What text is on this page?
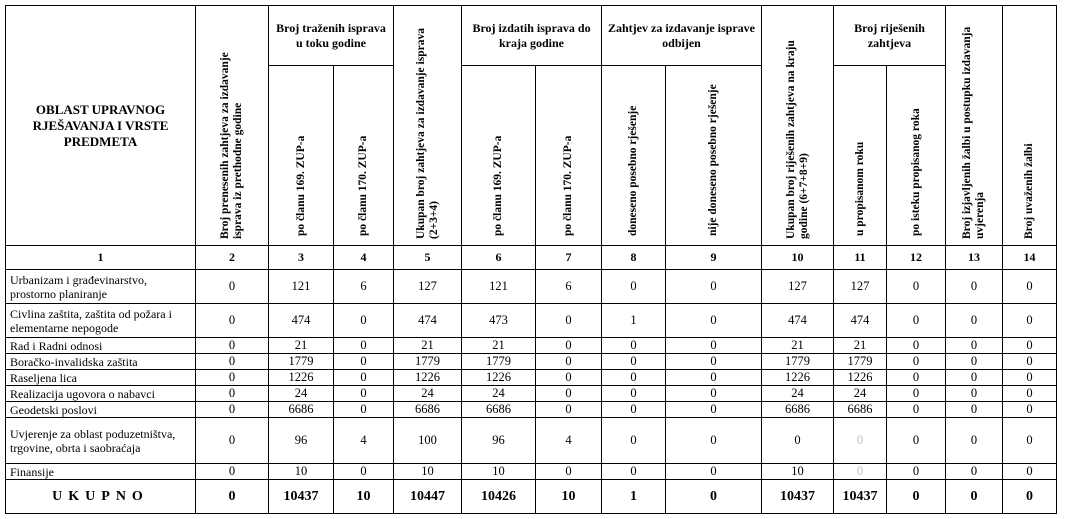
OBLAST UPRAVNOG RJEŠAVANJA I VRSTE PREDMETA	Broj prenesenih zahtjeva za izdavanje isprava iz prethodne godine	Broj traženih isprava u toku godine		Ukupan broj zahtjeva za izdavanje isprava (2+3+4)	Broj izdatih isprava do kraja godine		Zahtjev za izdavanje isprave odbijen		Ukupan broj riješenih zahtjeva na kraju godine (6+7+8+9)	Broj riješenih zahtjeva		Broj izjavljenih žalbi u postupku izdavanja uvjerenja	Broj uvaženih žalbi

		po članu 169. ZUP-a	po članu 170. ZUP-a		po članu 169. ZUP-a	po članu 170. ZUP-a	doneseno posebno rješenje	nije doneseno posebno rješenje		u propisanom roku	po isteku propisanog roka		

1	2	3	4	5	6	7	8	9	10	11	12	13	14
Urbanizam i građevinarstvo, prostorno planiranje	0	121	6	127	121	6	0	0	127	127	0	0	0
Civlina zaštita, zaštita od požara i elementarne nepogode	0	474	0	474	473	0	1	0	474	474	0	0	0
Rad i Radni odnosi	0	21	0	21	21	0	0	0	21	21	0	0	0
Boračko-invalidska zaštita	0	1779	0	1779	1779	0	0	0	1779	1779	0	0	0
Raseljena lica	0	1226	0	1226	1226	0	0	0	1226	1226	0	0	0
Realizacija ugovora o nabavci	0	24	0	24	24	0	0	0	24	24	0	0	0
Geodetski poslovi	0	6686	0	6686	6686	0	0	0	6686	6686	0	0	0
Uvjerenje za oblast poduzetništva, trgovine, obrta i saobraćaja	0	96	4	100	96	4	0	0	0	0	0	0	0
Finansije	0	10	0	10	10	0	0	0	10	0	0	0	0
UKUPNO	0	10437	10	10447	10426	10	1	0	10437	10437	0	0	0
